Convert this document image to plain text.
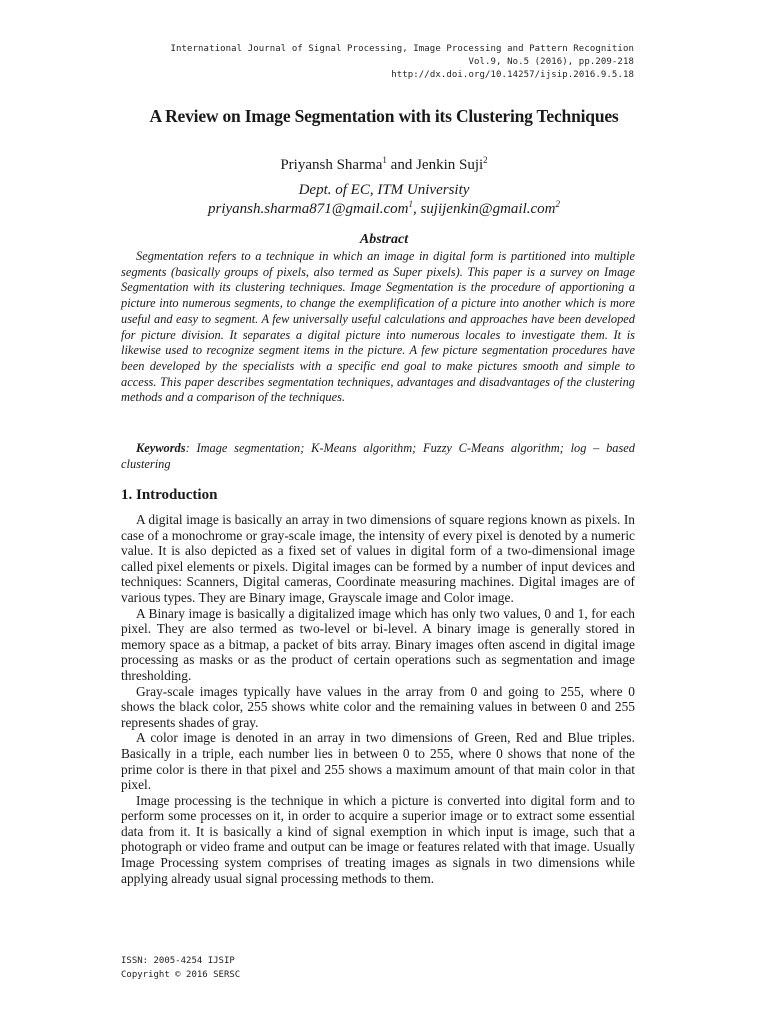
International Journal of Signal Processing, Image Processing and Pattern Recognition
Vol.9, No.5 (2016), pp.209-218
http://dx.doi.org/10.14257/ijsip.2016.9.5.18
A Review on Image Segmentation with its Clustering Techniques
Priyansh Sharma$^1$ and Jenkin Suji$^2$
Dept. of EC, ITM University
priyansh.sharma871@gmail.com$^1$, sujijenkin@gmail.com$^2$
Abstract
Segmentation refers to a technique in which an image in digital form is partitioned into multiple segments (basically groups of pixels, also termed as Super pixels). This paper is a survey on Image Segmentation with its clustering techniques. Image Segmentation is the procedure of apportioning a picture into numerous segments, to change the exemplification of a picture into another which is more useful and easy to segment. A few universally useful calculations and approaches have been developed for picture division. It separates a digital picture into numerous locales to investigate them. It is likewise used to recognize segment items in the picture. A few picture segmentation procedures have been developed by the specialists with a specific end goal to make pictures smooth and simple to access. This paper describes segmentation techniques, advantages and disadvantages of the clustering methods and a comparison of the techniques.
Keywords: Image segmentation; K-Means algorithm; Fuzzy C-Means algorithm; log – based clustering
1. Introduction

A digital image is basically an array in two dimensions of square regions known as pixels. In case of a monochrome or gray-scale image, the intensity of every pixel is denoted by a numeric value. It is also depicted as a fixed set of values in digital form of a two-dimensional image called pixel elements or pixels. Digital images can be formed by a number of input devices and techniques: Scanners, Digital cameras, Coordinate measuring machines. Digital images are of various types. They are Binary image, Grayscale image and Color image.

A Binary image is basically a digitalized image which has only two values, 0 and 1, for each pixel. They are also termed as two-level or bi-level. A binary image is generally stored in memory space as a bitmap, a packet of bits array. Binary images often ascend in digital image processing as masks or as the product of certain operations such as segmentation and image thresholding.

Gray-scale images typically have values in the array from 0 and going to 255, where 0 shows the black color, 255 shows white color and the remaining values in between 0 and 255 represents shades of gray.

A color image is denoted in an array in two dimensions of Green, Red and Blue triples. Basically in a triple, each number lies in between 0 to 255, where 0 shows that none of the prime color is there in that pixel and 255 shows a maximum amount of that main color in that pixel.

Image processing is the technique in which a picture is converted into digital form and to perform some processes on it, in order to acquire a superior image or to extract some essential data from it. It is basically a kind of signal exemption in which input is image, such that a photograph or video frame and output can be image or features related with that image. Usually Image Processing system comprises of treating images as signals in two dimensions while applying already usual signal processing methods to them.

ISSN: 2005-4254 IJSIP
Copyright © 2016 SERSC
